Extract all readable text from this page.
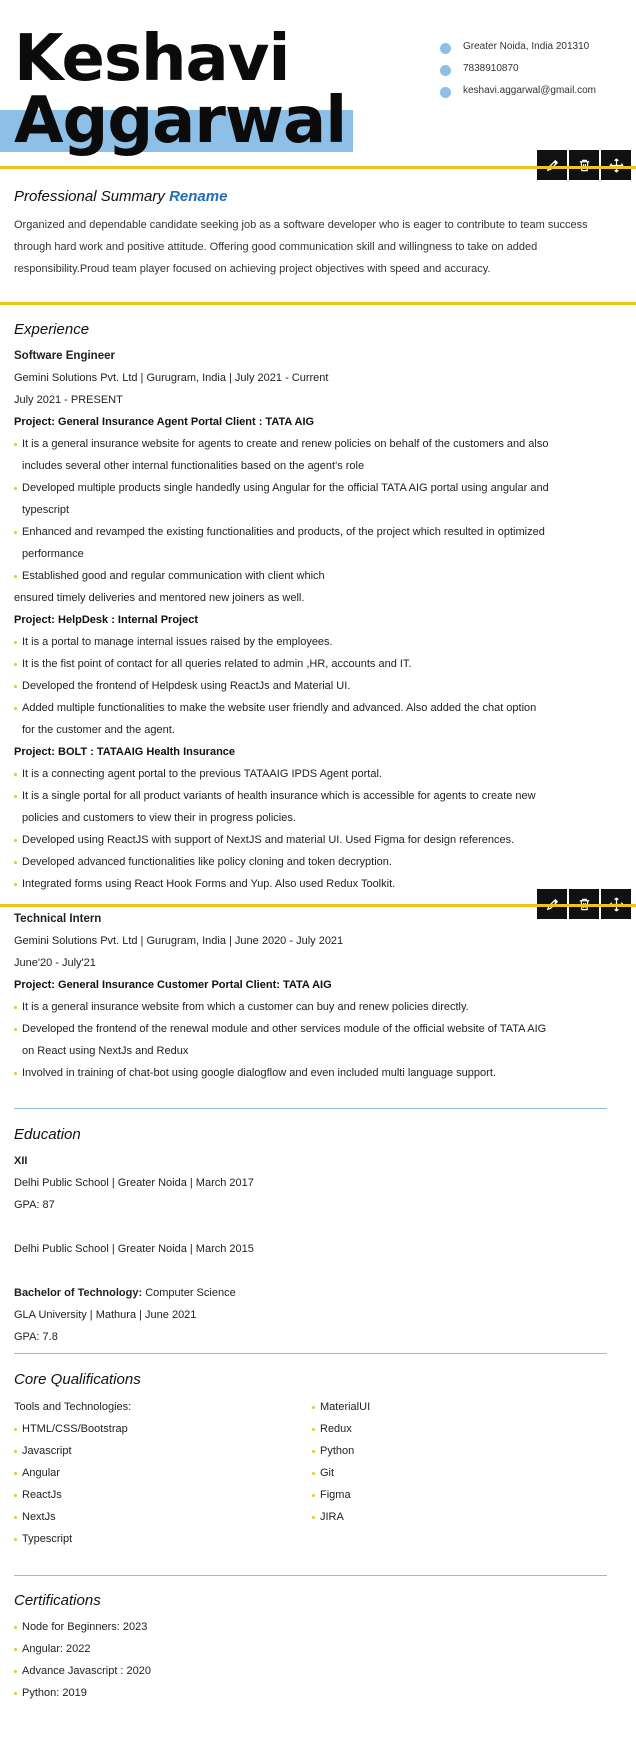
Keshavi
Aggarwal
Greater Noida, India 201310
7838910870
keshavi.aggarwal@gmail.com
Professional Summary Rename
Organized and dependable candidate seeking job as a software developer who is eager to contribute to team success through hard work and positive attitude. Offering good communication skill and willingness to take on added responsibility.Proud team player focused on achieving project objectives with speed and accuracy.
Experience
Software Engineer
Gemini Solutions Pvt. Ltd | Gurugram, India | July 2021 - Current
July 2021 - PRESENT
Project: General Insurance Agent Portal Client : TATA AIG
It is a general insurance website for agents to create and renew policies on behalf of the customers and also
includes several other internal functionalities based on the agent's role
Developed multiple products single handedly using Angular for the official TATA AIG portal using angular and
typescript
Enhanced and revamped the existing functionalities and products, of the project which resulted in optimized
performance
Established good and regular communication with client which
ensured timely deliveries and mentored new joiners as well.
Project: HelpDesk : Internal Project
It is a portal to manage internal issues raised by the employees.
It is the fist point of contact for all queries related to admin ,HR, accounts and IT.
Developed the frontend of Helpdesk using ReactJs and Material UI.
Added multiple functionalities to make the website user friendly and advanced. Also added the chat option
for the customer and the agent.
Project: BOLT : TATAAIG Health Insurance
It is a connecting agent portal to the previous TATAAIG IPDS Agent portal.
It is a single portal for all product variants of health insurance which is accessible for agents to create new
policies and customers to view their in progress policies.
Developed using ReactJS with support of NextJS and material UI. Used Figma for design references.
Developed advanced functionalities like policy cloning and token decryption.
Integrated forms using React Hook Forms and Yup. Also used Redux Toolkit.
Technical Intern
Gemini Solutions Pvt. Ltd | Gurugram, India | June 2020 - July 2021
June'20 - July'21
Project: General Insurance Customer Portal Client: TATA AIG
It is a general insurance website from which a customer can buy and renew policies directly.
Developed the frontend of the renewal module and other services module of the official website of TATA AIG
on React using NextJs and Redux
Involved in training of chat-bot using google dialogflow and even included multi language support.
Education
XII
Delhi Public School | Greater Noida | March 2017
GPA: 87
Delhi Public School | Greater Noida | March 2015
Bachelor of Technology: Computer Science
GLA University | Mathura | June 2021
GPA: 7.8
Core Qualifications
Tools and Technologies:
HTML/CSS/Bootstrap
Javascript
Angular
ReactJs
NextJs
Typescript
MaterialUI
Redux
Python
Git
Figma
JIRA
Certifications
Node for Beginners: 2023
Angular: 2022
Advance Javascript : 2020
Python: 2019
